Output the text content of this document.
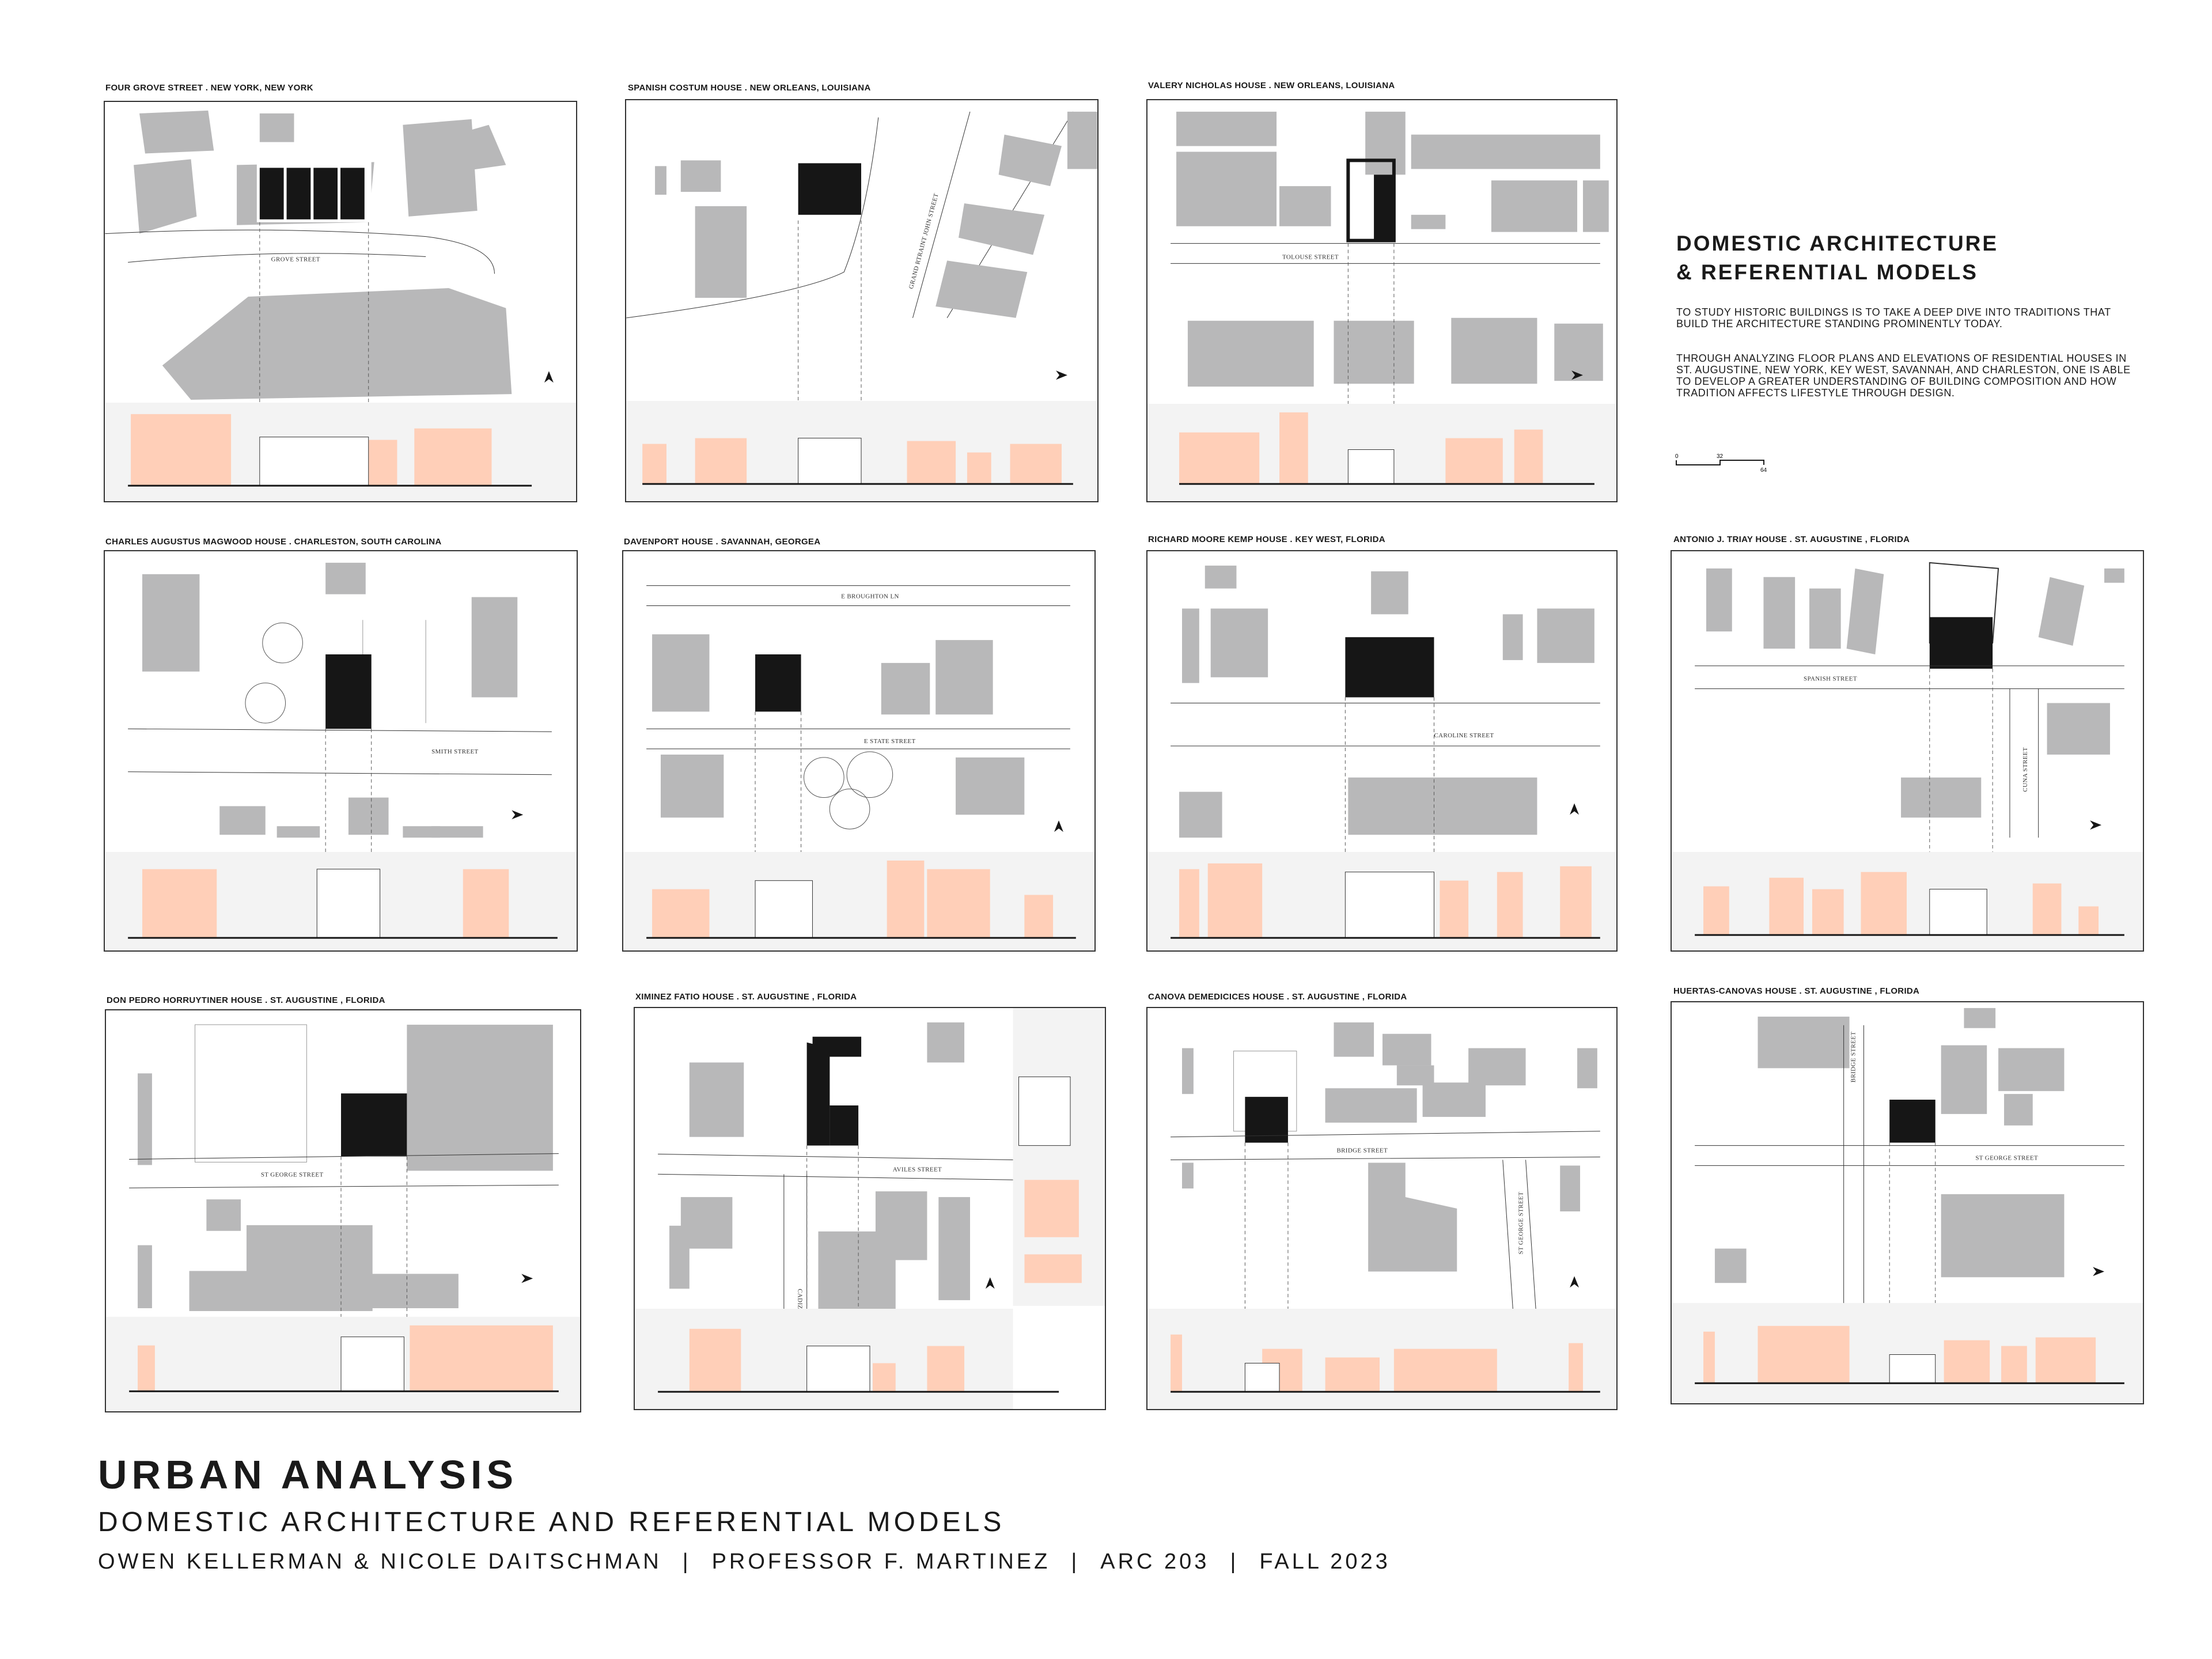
FOUR GROVE STREET . NEW YORK, NEW YORK
GROVE STREET
SPANISH COSTUM HOUSE . NEW ORLEANS, LOUISIANA
GRAND RTRAINT JOHN STREET
VALERY NICHOLAS HOUSE . NEW ORLEANS, LOUISIANA
TOLOUSE STREET
DOMESTIC ARCHITECTURE
& REFERENTIAL MODELS
TO STUDY HISTORIC BUILDINGS IS TO TAKE A DEEP DIVE INTO TRADITIONS THAT BUILD THE ARCHITECTURE STANDING PROMINENTLY TODAY.
THROUGH ANALYZING FLOOR PLANS AND ELEVATIONS OF RESIDENTIAL HOUSES IN ST. AUGUSTINE, NEW YORK, KEY WEST, SAVANNAH, AND CHARLESTON, ONE IS ABLE TO DEVELOP A GREATER UNDERSTANDING OF BUILDING COMPOSITION AND HOW TRADITION AFFECTS LIFESTYLE THROUGH DESIGN.
0	32
64
CHARLES AUGUSTUS MAGWOOD HOUSE . CHARLESTON, SOUTH CAROLINA
SMITH STREET
DAVENPORT HOUSE . SAVANNAH, GEORGEA
E BROUGHTON LN
E STATE STREET
RICHARD MOORE KEMP HOUSE . KEY WEST, FLORIDA
CAROLINE STREET
ANTONIO J. TRIAY HOUSE . ST. AUGUSTINE , FLORIDA
SPANISH STREET
CUNA STREET
DON PEDRO HORRUYTINER HOUSE . ST. AUGUSTINE , FLORIDA
ST GEORGE STREET
XIMINEZ FATIO HOUSE . ST. AUGUSTINE , FLORIDA
AVILES STREET
CANOVA DEMEDICICES HOUSE . ST. AUGUSTINE , FLORIDA
BRIDGE STREET
ST GEORGE STREET
HUERTAS-CANOVAS HOUSE . ST. AUGUSTINE , FLORIDA
BRIDGE STREET
ST GEORGE STREET
URBAN ANALYSIS
DOMESTIC ARCHITECTURE AND REFERENTIAL MODELS
OWEN KELLERMAN & NICOLE DAITSCHMAN | PROFESSOR F. MARTINEZ | ARC 203 | FALL 2023
